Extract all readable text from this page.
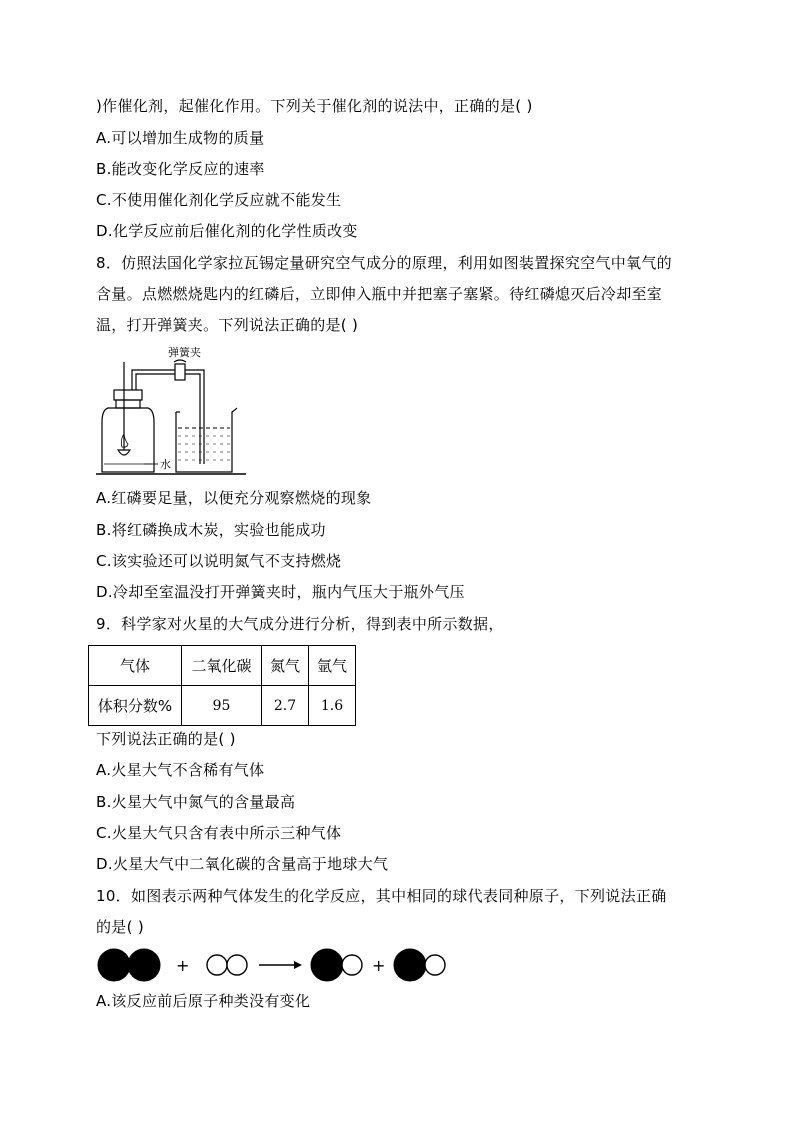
)作催化剂，起催化作用。下列关于催化剂的说法中，正确的是( )
A.可以增加生成物的质量
B.能改变化学反应的速率
C.不使用催化剂化学反应就不能发生
D.化学反应前后催化剂的化学性质改变
8．仿照法国化学家拉瓦锡定量研究空气成分的原理，利用如图装置探究空气中氧气的
含量。点燃燃烧匙内的红磷后，立即伸入瓶中并把塞子塞紧。待红磷熄灭后冷却至室
温，打开弹簧夹。下列说法正确的是( )
弹簧夹
水
A.红磷要足量，以便充分观察燃烧的现象
B.将红磷换成木炭，实验也能成功
C.该实验还可以说明氮气不支持燃烧
D.冷却至室温没打开弹簧夹时，瓶内气压大于瓶外气压
9．科学家对火星的大气成分进行分析，得到表中所示数据，
气体	二氧化碳	氮气	氩气
体积分数%	95	2.7	1.6
下列说法正确的是( )
A.火星大气不含稀有气体
B.火星大气中氮气的含量最高
C.火星大气只含有表中所示三种气体
D.火星大气中二氧化碳的含量高于地球大气
10．如图表示两种气体发生的化学反应，其中相同的球代表同种原子，下列说法正确
的是( )
+	+
A.该反应前后原子种类没有变化
